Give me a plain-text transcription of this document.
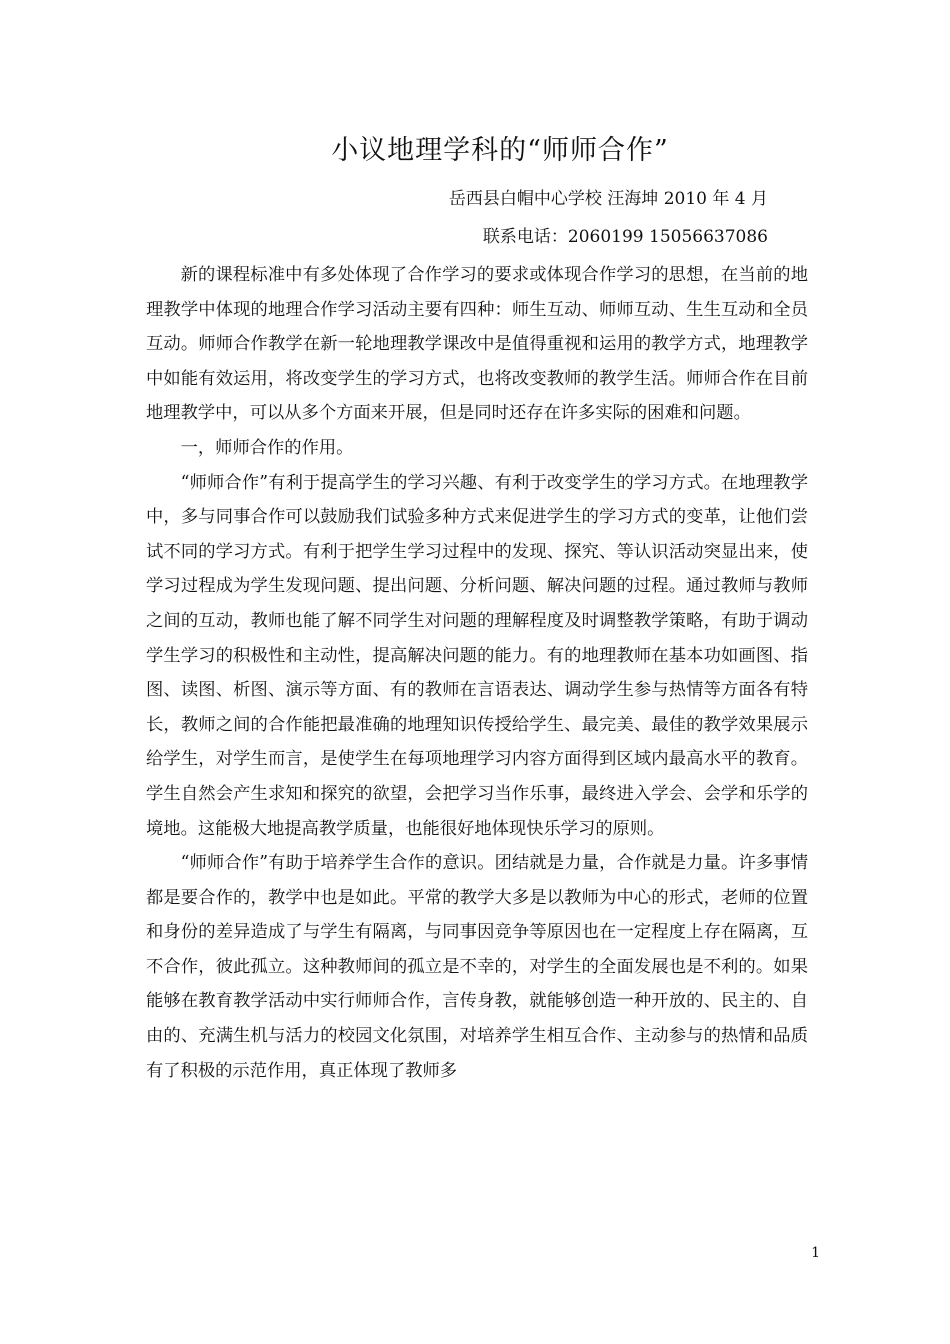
小议地理学科的“师师合作”
岳西县白帽中心学校 汪海坤 2010 年 4 月
联系电话：2060199 15056637086

新的课程标准中有多处体现了合作学习的要求或体现合作学习的思想，在当前的地理教学中体现的地理合作学习活动主要有四种：师生互动、师师互动、生生互动和全员互动。师师合作教学在新一轮地理教学课改中是值得重视和运用的教学方式，地理教学中如能有效运用，将改变学生的学习方式，也将改变教师的教学生活。师师合作在目前地理教学中，可以从多个方面来开展，但是同时还存在许多实际的困难和问题。

一，师师合作的作用。

“师师合作”有利于提高学生的学习兴趣、有利于改变学生的学习方式。在地理教学中，多与同事合作可以鼓励我们试验多种方式来促进学生的学习方式的变革，让他们尝试不同的学习方式。有利于把学生学习过程中的发现、探究、等认识活动突显出来，使学习过程成为学生发现问题、提出问题、分析问题、解决问题的过程。通过教师与教师之间的互动，教师也能了解不同学生对问题的理解程度及时调整教学策略，有助于调动学生学习的积极性和主动性，提高解决问题的能力。有的地理教师在基本功如画图、指图、读图、析图、演示等方面、有的教师在言语表达、调动学生参与热情等方面各有特长，教师之间的合作能把最准确的地理知识传授给学生、最完美、最佳的教学效果展示给学生，对学生而言，是使学生在每项地理学习内容方面得到区域内最高水平的教育。学生自然会产生求知和探究的欲望，会把学习当作乐事，最终进入学会、会学和乐学的境地。这能极大地提高教学质量，也能很好地体现快乐学习的原则。

“师师合作”有助于培养学生合作的意识。团结就是力量，合作就是力量。许多事情都是要合作的，教学中也是如此。平常的教学大多是以教师为中心的形式，老师的位置和身份的差异造成了与学生有隔离，与同事因竞争等原因也在一定程度上存在隔离，互不合作，彼此孤立。这种教师间的孤立是不幸的，对学生的全面发展也是不利的。如果能够在教育教学活动中实行师师合作，言传身教，就能够创造一种开放的、民主的、自由的、充满生机与活力的校园文化氛围，对培养学生相互合作、主动参与的热情和品质有了积极的示范作用，真正体现了教师多

1
